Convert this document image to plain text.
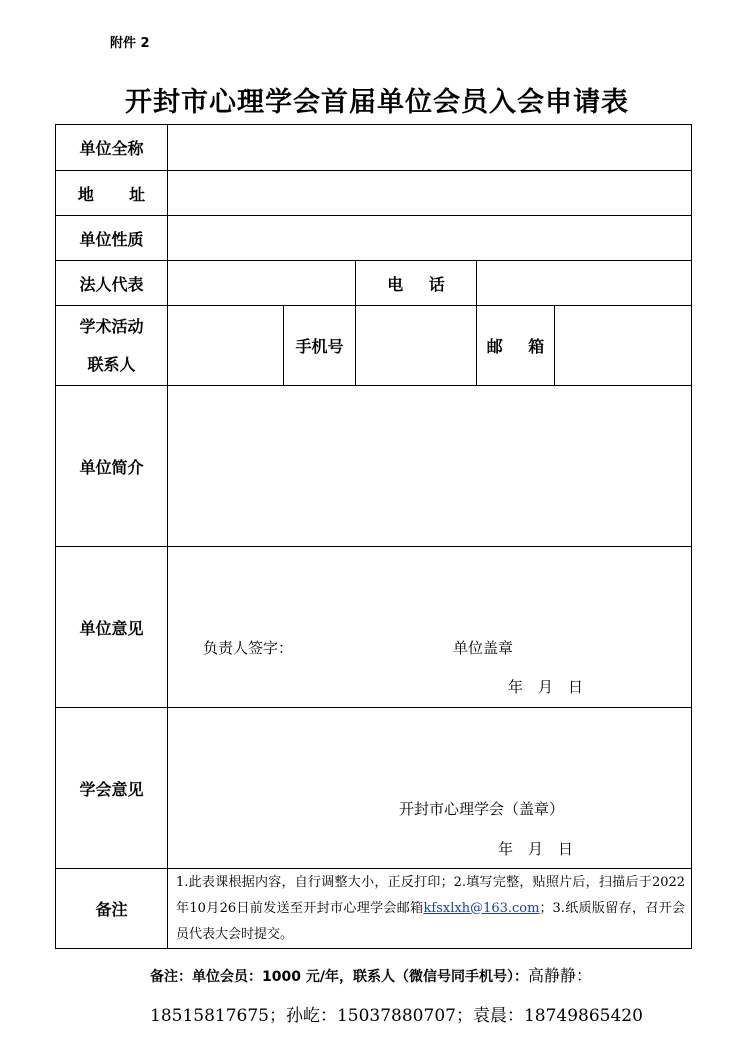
附件 2
开封市心理学会首届单位会员入会申请表
单位全称					
地 址					
单位性质					
法人代表			电 话		

学术活动
联系人		手机号		邮 箱	
单位简介					
单位意见	负责人签字： 单位盖章
年　月　日				

学会意见	开封市心理学会（盖章）
年　月　日				

备注	1.此表课根据内容，自行调整大小，正反打印；2.填写完整，贴照片后，扫描后于2022年10月26日前发送至开封市心理学会邮箱kfsxlxh@163.com；3.纸质版留存，召开会员代表大会时提交。				
备注：单位会员：1000 元/年，联系人（微信号同手机号）：高静静：
18515817675；孙屹：15037880707；袁晨：18749865420
